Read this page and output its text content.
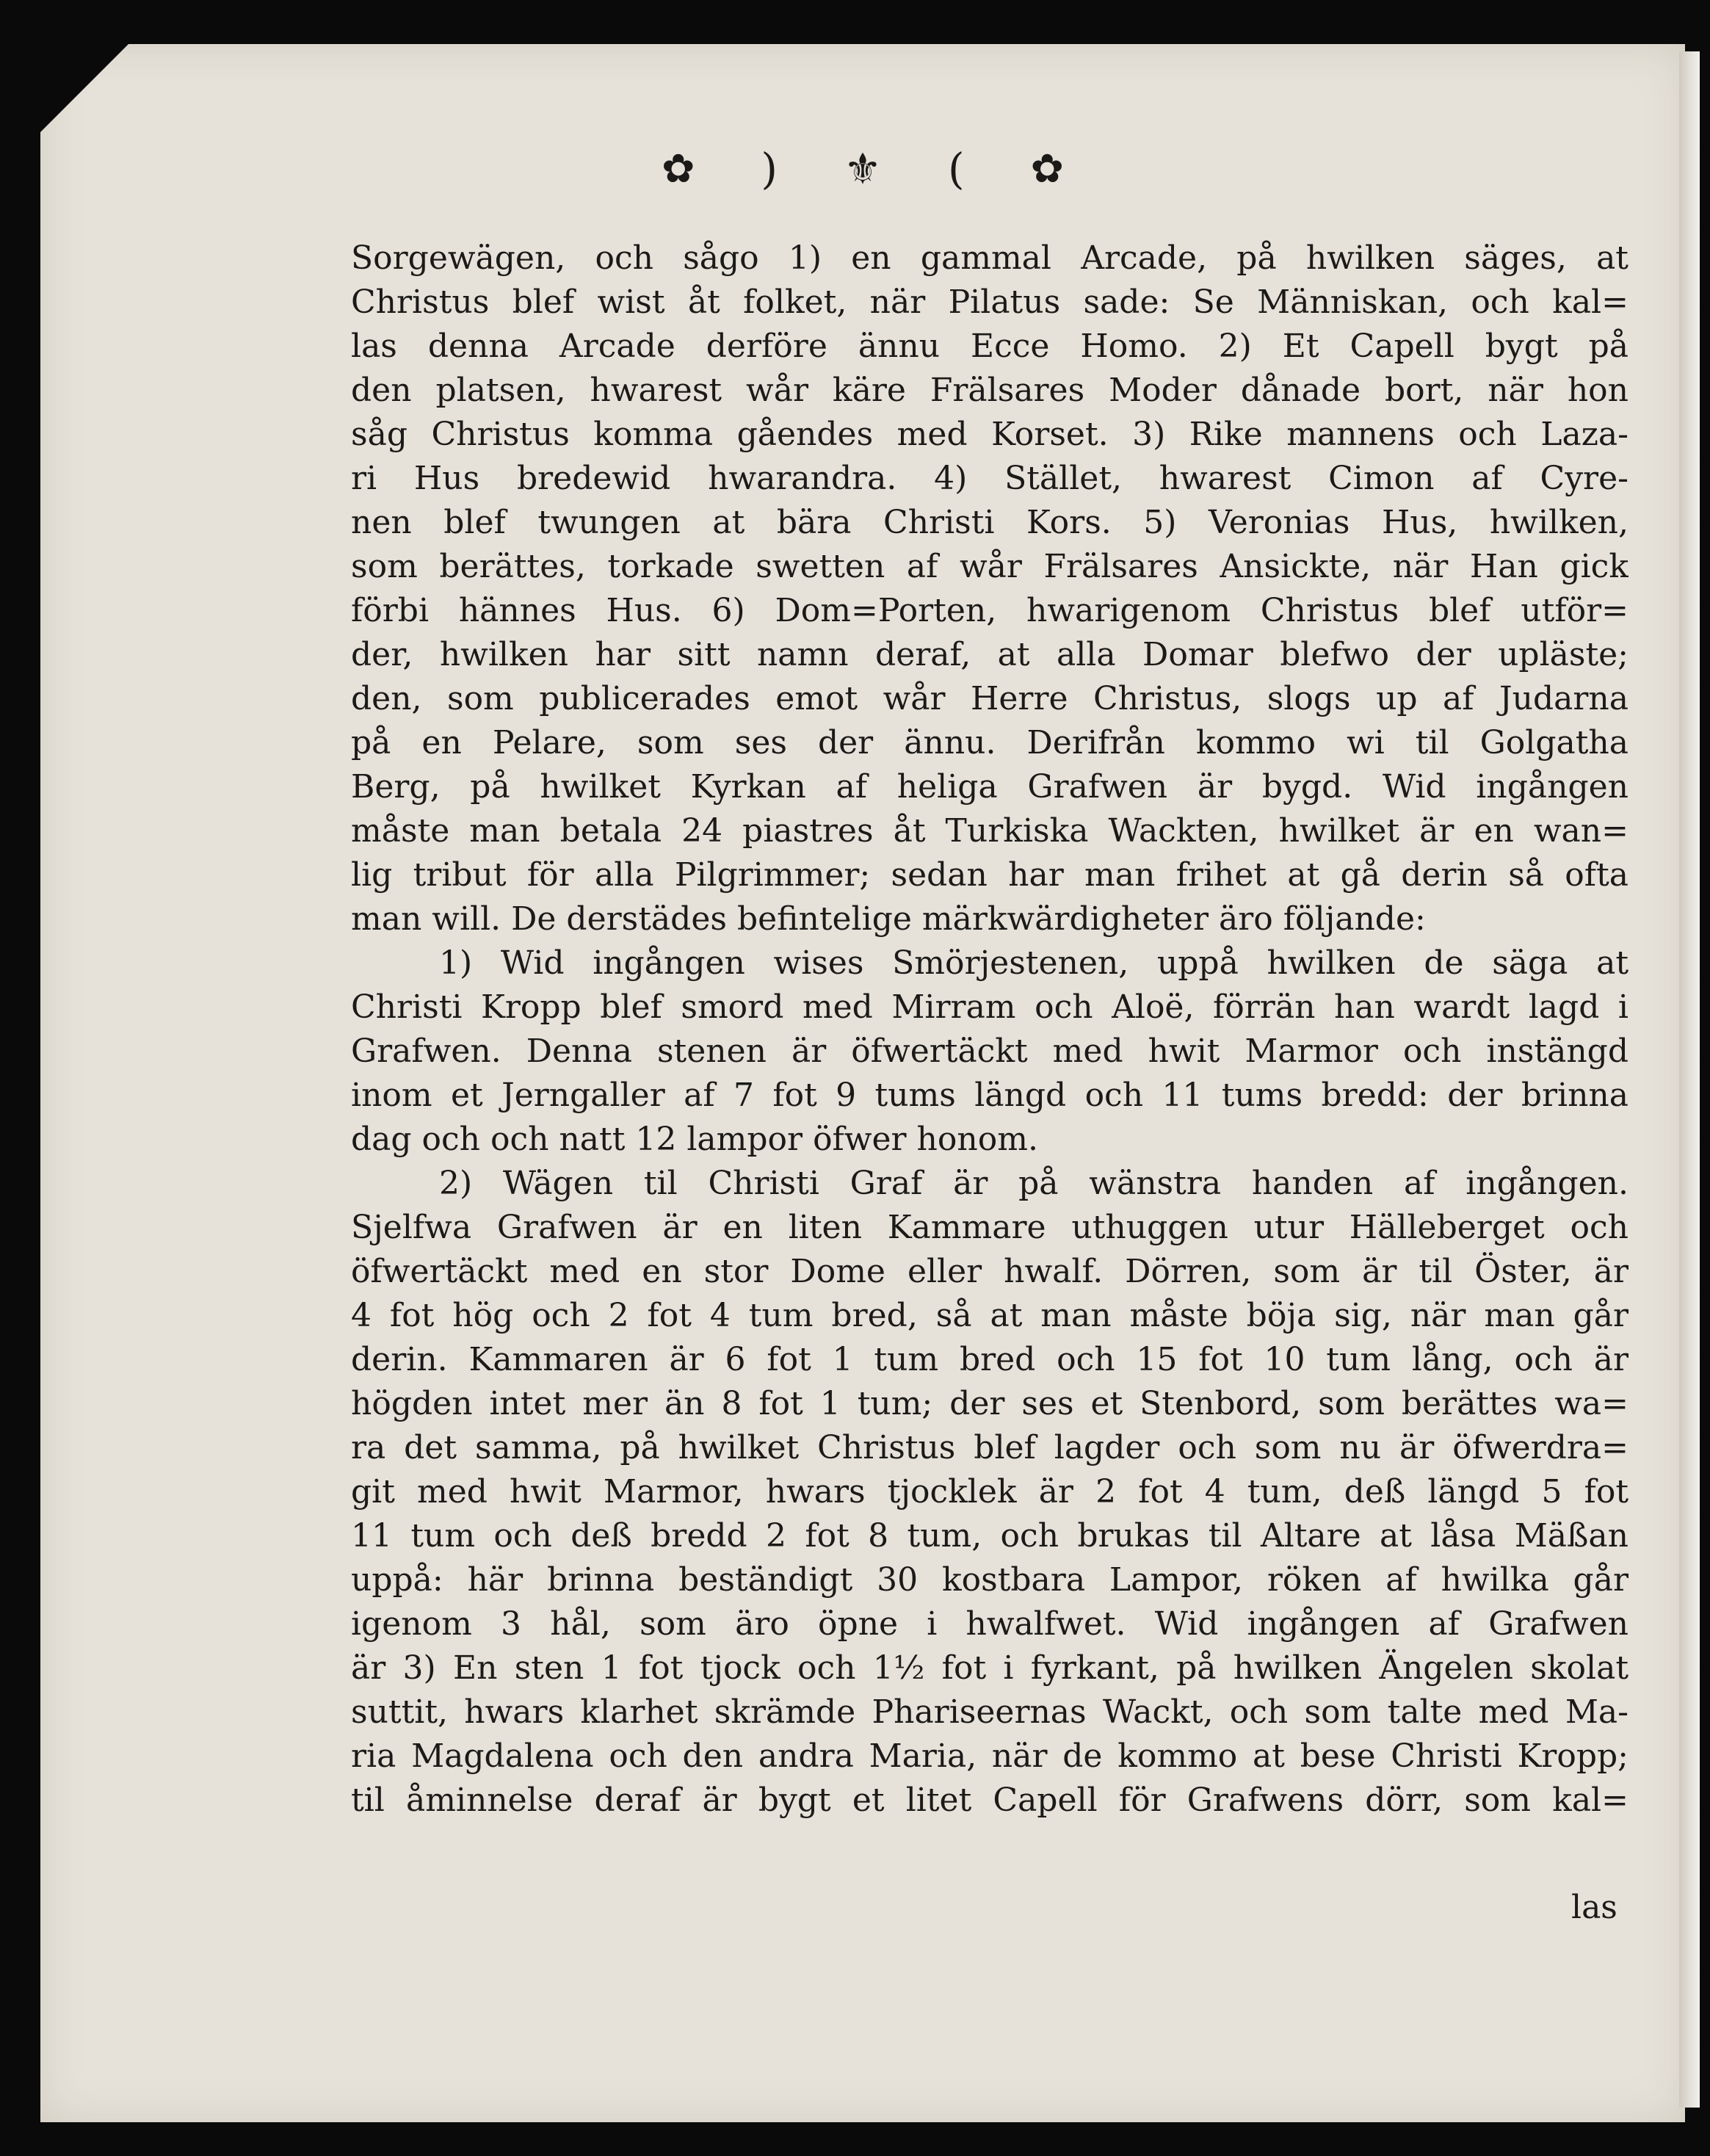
✿ ) ⚜ ( ✿
Sorgewägen, och sågo 1) en gammal Arcade, på hwilken säges, at
Christus blef wist åt folket, när Pilatus sade: Se Människan, och kal=
las denna Arcade derföre ännu Ecce Homo. 2) Et Capell bygt på
den platsen, hwarest wår käre Frälsares Moder dånade bort, när hon
såg Christus komma gåendes med Korset. 3) Rike mannens och Laza-
ri Hus bredewid hwarandra. 4) Stället, hwarest Cimon af Cyre-
nen blef twungen at bära Christi Kors. 5) Veronias Hus, hwilken,
som berättes, torkade swetten af wår Frälsares Ansickte, när Han gick
förbi hännes Hus. 6) Dom=Porten, hwarigenom Christus blef utför=
der, hwilken har sitt namn deraf, at alla Domar blefwo der upläste;
den, som publicerades emot wår Herre Christus, slogs up af Judarna
på en Pelare, som ses der ännu. Derifrån kommo wi til Golgatha
Berg, på hwilket Kyrkan af heliga Grafwen är bygd. Wid ingången
måste man betala 24 piastres åt Turkiska Wackten, hwilket är en wan=
lig tribut för alla Pilgrimmer; sedan har man frihet at gå derin så ofta
man will. De derstädes befintelige märkwärdigheter äro följande:
1) Wid ingången wises Smörjestenen, uppå hwilken de säga at
Christi Kropp blef smord med Mirram och Aloë, förrän han wardt lagd i
Grafwen. Denna stenen är öfwertäckt med hwit Marmor och instängd
inom et Jerngaller af 7 fot 9 tums längd och 11 tums bredd: der brinna
dag och och natt 12 lampor öfwer honom.
2) Wägen til Christi Graf är på wänstra handen af ingången.
Sjelfwa Grafwen är en liten Kammare uthuggen utur Hälleberget och
öfwertäckt med en stor Dome eller hwalf. Dörren, som är til Öster, är
4 fot hög och 2 fot 4 tum bred, så at man måste böja sig, när man går
derin. Kammaren är 6 fot 1 tum bred och 15 fot 10 tum lång, och är
högden intet mer än 8 fot 1 tum; der ses et Stenbord, som berättes wa=
ra det samma, på hwilket Christus blef lagder och som nu är öfwerdra=
git med hwit Marmor, hwars tjocklek är 2 fot 4 tum, deß längd 5 fot
11 tum och deß bredd 2 fot 8 tum, och brukas til Altare at låsa Mäßan
uppå: här brinna beständigt 30 kostbara Lampor, röken af hwilka går
igenom 3 hål, som äro öpne i hwalfwet. Wid ingången af Grafwen
är 3) En sten 1 fot tjock och 1½ fot i fyrkant, på hwilken Ängelen skolat
suttit, hwars klarhet skrämde Phariseernas Wackt, och som talte med Ma-
ria Magdalena och den andra Maria, när de kommo at bese Christi Kropp;
til åminnelse deraf är bygt et litet Capell för Grafwens dörr, som kal=
las
